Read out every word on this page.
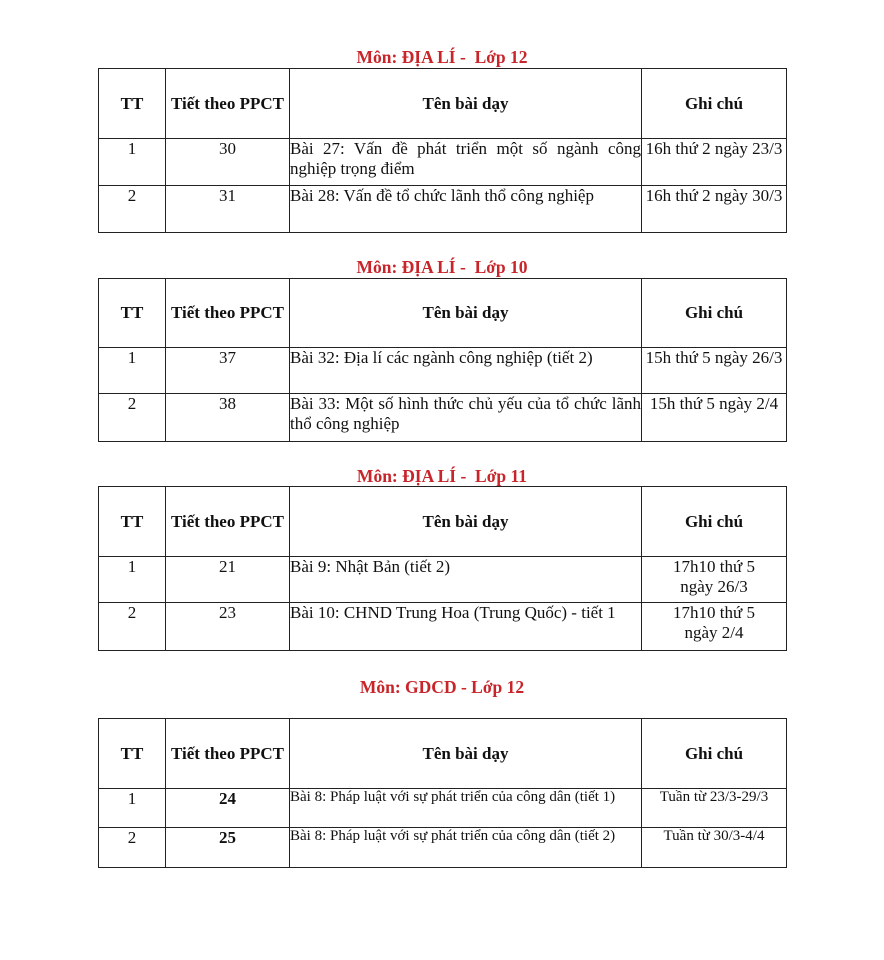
Môn: ĐỊA LÍ -  Lớp 12
TT	Tiết theo PPCT	Tên bài dạy	Ghi chú
1	30	Bài 27: Vấn đề phát triển một số ngành công nghiệp trọng điểm	16h thứ 2 ngày 23/3
2	31	Bài 28: Vấn đề tổ chức lãnh thổ công nghiệp	16h thứ 2 ngày 30/3
Môn: ĐỊA LÍ -  Lớp 10
TT	Tiết theo PPCT	Tên bài dạy	Ghi chú
1	37	Bài 32: Địa lí các ngành công nghiệp (tiết 2)	15h thứ 5 ngày 26/3
2	38	Bài 33: Một số hình thức chủ yếu của tổ chức lãnh thổ công nghiệp	15h thứ 5 ngày 2/4
Môn: ĐỊA LÍ -  Lớp 11
TT	Tiết theo PPCT	Tên bài dạy	Ghi chú
1	21	Bài 9: Nhật Bản (tiết 2)	17h10 thứ 5 ngày 26/3
2	23	Bài 10: CHND Trung Hoa (Trung Quốc) - tiết 1	17h10 thứ 5 ngày 2/4
Môn: GDCD - Lớp 12
TT	Tiết theo PPCT	Tên bài dạy	Ghi chú
1	24	Bài 8: Pháp luật với sự phát triển của công dân (tiết 1)	Tuần từ 23/3-29/3
2	25	Bài 8: Pháp luật với sự phát triển của công dân (tiết 2)	Tuần từ 30/3-4/4
